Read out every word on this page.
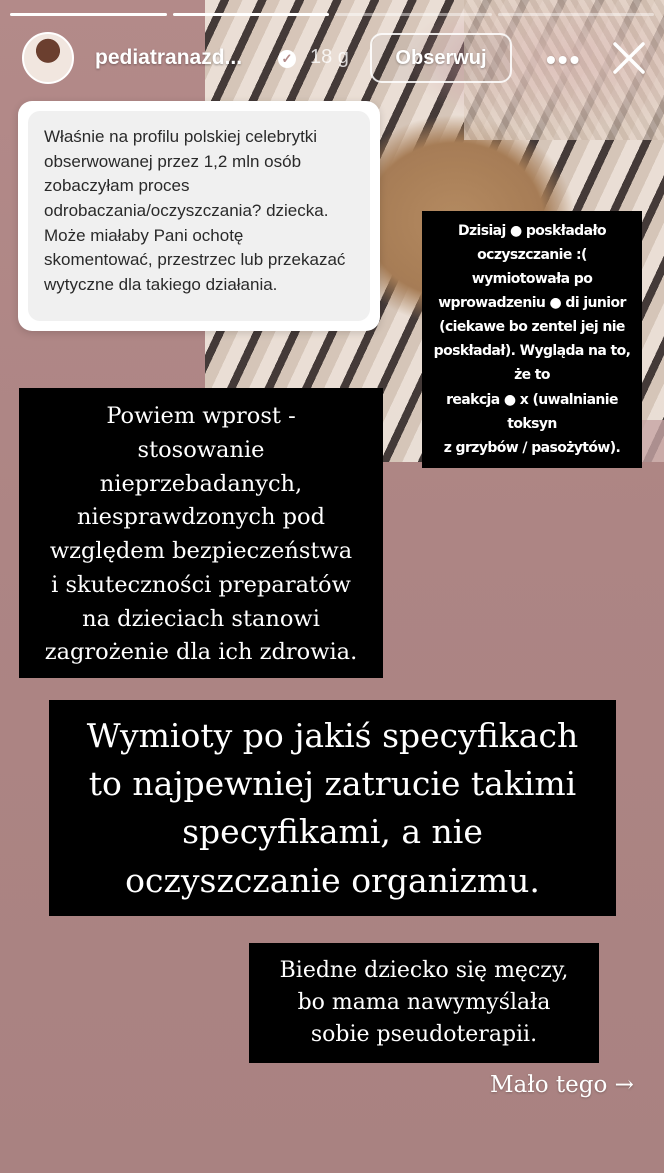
pediatranazd...	✓ 18 g	Obserwuj	•••
Właśnie na profilu polskiej celebrytki obserwowanej przez 1,2 mln osób zobaczyłam proces odrobaczania/oczyszczania? dziecka. Może miałaby Pani ochotę skomentować, przestrzec lub przekazać wytyczne dla takiego działania.
Dzisiaj ● poskładało
oczyszczanie :( wymiotowała po
wprowadzeniu ● di junior
(ciekawe bo zentel jej nie
poskładał). Wygląda na to, że to
reakcja ● x (uwalnianie toksyn
z grzybów / pasożytów).
Powiem wprost -
stosowanie
nieprzebadanych,
niesprawdzonych pod
względem bezpieczeństwa
i skuteczności preparatów
na dzieciach stanowi
zagrożenie dla ich zdrowia.
Wymioty po jakiś specyfikach
to najpewniej zatrucie takimi
specyfikami, a nie
oczyszczanie organizmu.
Biedne dziecko się męczy,
bo mama nawymyślała
sobie pseudoterapii.
Mało tego →
